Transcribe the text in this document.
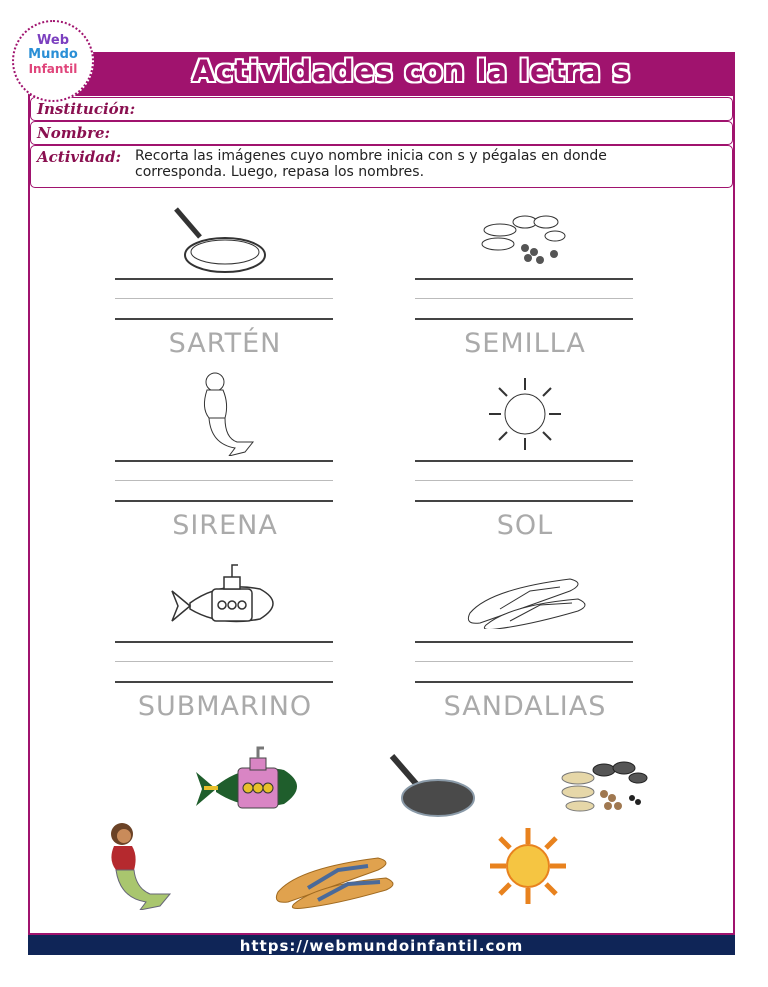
Actividades con la letra s
Web
Mundo
Infantil
Institución:
Nombre:
Actividad: Recorta las imágenes cuyo nombre inicia con s y pégalas en donde corresponda. Luego, repasa los nombres.
SARTÉN	SEMILLA
SIRENA	SOL
SUBMARINO	SANDALIAS
https://webmundoinfantil.com
